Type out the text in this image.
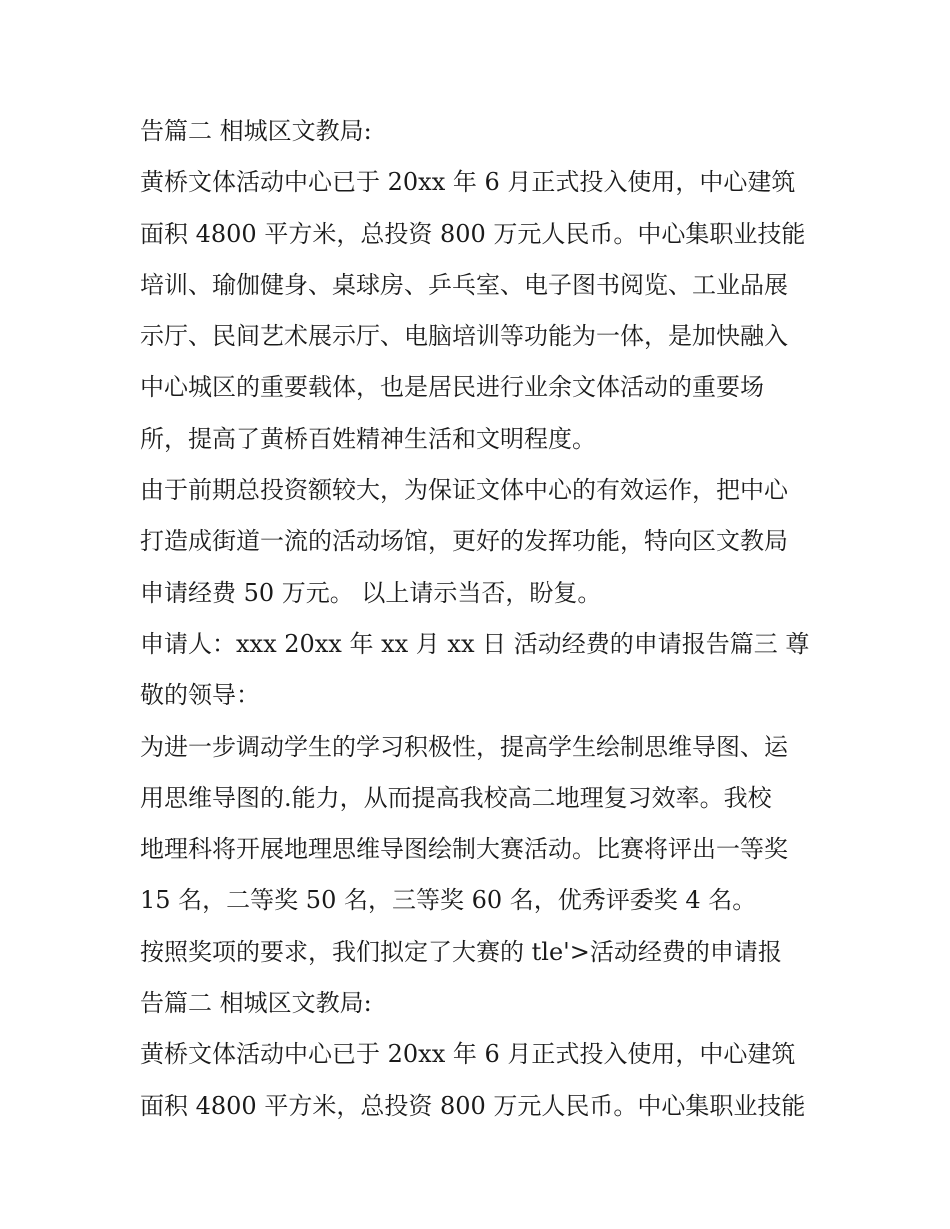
告篇二 相城区文教局:

黄桥文体活动中心已于 20xx 年 6 月正式投入使用，中心建筑

面积 4800 平方米，总投资 800 万元人民币。中心集职业技能

培训、瑜伽健身、桌球房、乒乓室、电子图书阅览、工业品展

示厅、民间艺术展示厅、电脑培训等功能为一体，是加快融入

中心城区的重要载体，也是居民进行业余文体活动的重要场

所，提高了黄桥百姓精神生活和文明程度。

由于前期总投资额较大，为保证文体中心的有效运作，把中心

打造成街道一流的活动场馆，更好的发挥功能，特向区文教局

申请经费 50 万元。 以上请示当否，盼复。

申请人：xxx 20xx 年 xx 月 xx 日 活动经费的申请报告篇三 尊

敬的领导：

为进一步调动学生的学习积极性，提高学生绘制思维导图、运

用思维导图的.能力，从而提高我校高二地理复习效率。我校

地理科将开展地理思维导图绘制大赛活动。比赛将评出一等奖

15 名，二等奖 50 名，三等奖 60 名，优秀评委奖 4 名。

按照奖项的要求，我们拟定了大赛的 tle'>活动经费的申请报

告篇二 相城区文教局:

黄桥文体活动中心已于 20xx 年 6 月正式投入使用，中心建筑

面积 4800 平方米，总投资 800 万元人民币。中心集职业技能
